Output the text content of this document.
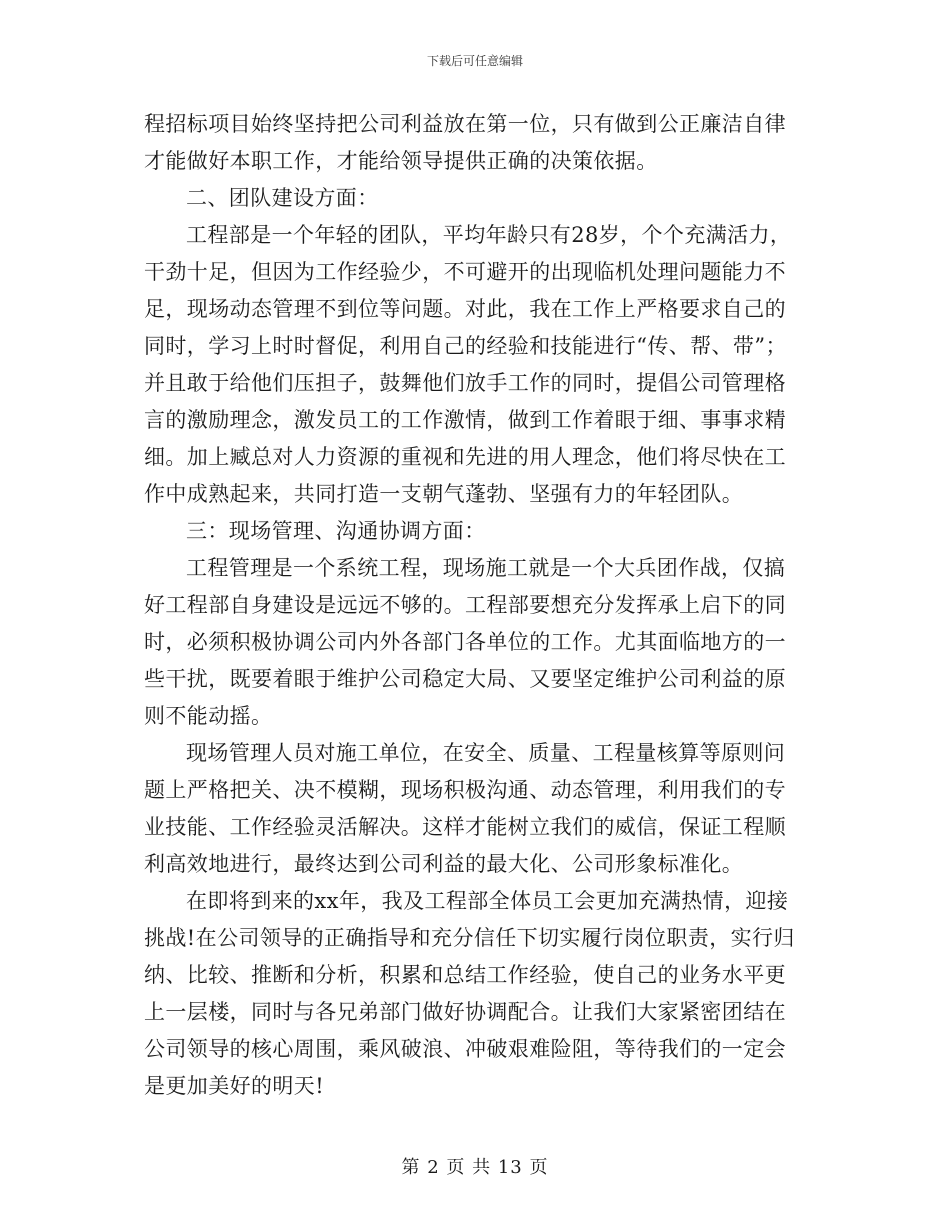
下载后可任意编辑
程招标项目始终坚持把公司利益放在第一位，只有做到公正廉洁自律
才能做好本职工作，才能给领导提供正确的决策依据。
二、团队建设方面：
工程部是一个年轻的团队，平均年龄只有28岁，个个充满活力，
干劲十足，但因为工作经验少，不可避开的出现临机处理问题能力不
足，现场动态管理不到位等问题。对此，我在工作上严格要求自己的
同时，学习上时时督促，利用自己的经验和技能进行“传、帮、带”；
并且敢于给他们压担子，鼓舞他们放手工作的同时，提倡公司管理格
言的激励理念，激发员工的工作激情，做到工作着眼于细、事事求精
细。加上臧总对人力资源的重视和先进的用人理念，他们将尽快在工
作中成熟起来，共同打造一支朝气蓬勃、坚强有力的年轻团队。
三：现场管理、沟通协调方面：
工程管理是一个系统工程，现场施工就是一个大兵团作战，仅搞
好工程部自身建设是远远不够的。工程部要想充分发挥承上启下的同
时，必须积极协调公司内外各部门各单位的工作。尤其面临地方的一
些干扰，既要着眼于维护公司稳定大局、又要坚定维护公司利益的原
则不能动摇。
现场管理人员对施工单位，在安全、质量、工程量核算等原则问
题上严格把关、决不模糊，现场积极沟通、动态管理，利用我们的专
业技能、工作经验灵活解决。这样才能树立我们的威信，保证工程顺
利高效地进行，最终达到公司利益的最大化、公司形象标准化。
在即将到来的xx年，我及工程部全体员工会更加充满热情，迎接
挑战!在公司领导的正确指导和充分信任下切实履行岗位职责，实行归
纳、比较、推断和分析，积累和总结工作经验，使自己的业务水平更
上一层楼，同时与各兄弟部门做好协调配合。让我们大家紧密团结在
公司领导的核心周围，乘风破浪、冲破艰难险阻，等待我们的一定会
是更加美好的明天!
第 2 页 共 13 页
